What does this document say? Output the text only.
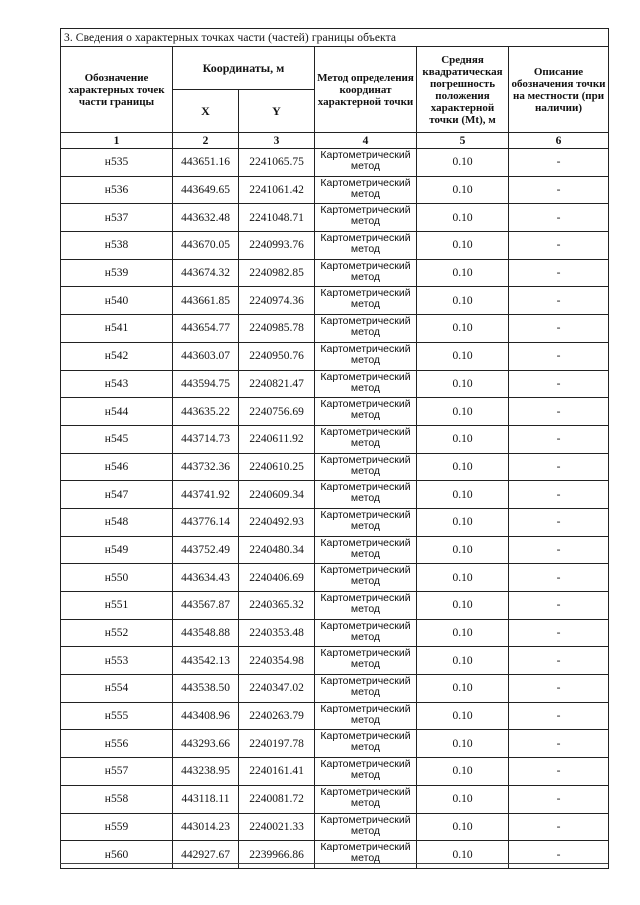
3. Сведения о характерных точках части (частей) границы объекта					
Обозначение характерных точек части границы	Координаты, м		Метод определения координат характерной точки	Средняя квадратическая погрешность положения характерной точки (Mt), м	Описание обозначения точки на местности (при наличии)
	X	Y			
1	2	3	4	5	6
н535	443651.16	2241065.75	Картометрический метод	0.10	-
н536	443649.65	2241061.42	Картометрический метод	0.10	-
н537	443632.48	2241048.71	Картометрический метод	0.10	-
н538	443670.05	2240993.76	Картометрический метод	0.10	-
н539	443674.32	2240982.85	Картометрический метод	0.10	-
н540	443661.85	2240974.36	Картометрический метод	0.10	-
н541	443654.77	2240985.78	Картометрический метод	0.10	-
н542	443603.07	2240950.76	Картометрический метод	0.10	-
н543	443594.75	2240821.47	Картометрический метод	0.10	-
н544	443635.22	2240756.69	Картометрический метод	0.10	-
н545	443714.73	2240611.92	Картометрический метод	0.10	-
н546	443732.36	2240610.25	Картометрический метод	0.10	-
н547	443741.92	2240609.34	Картометрический метод	0.10	-
н548	443776.14	2240492.93	Картометрический метод	0.10	-
н549	443752.49	2240480.34	Картометрический метод	0.10	-
н550	443634.43	2240406.69	Картометрический метод	0.10	-
н551	443567.87	2240365.32	Картометрический метод	0.10	-
н552	443548.88	2240353.48	Картометрический метод	0.10	-
н553	443542.13	2240354.98	Картометрический метод	0.10	-
н554	443538.50	2240347.02	Картометрический метод	0.10	-
н555	443408.96	2240263.79	Картометрический метод	0.10	-
н556	443293.66	2240197.78	Картометрический метод	0.10	-
н557	443238.95	2240161.41	Картометрический метод	0.10	-
н558	443118.11	2240081.72	Картометрический метод	0.10	-
н559	443014.23	2240021.33	Картометрический метод	0.10	-
н560	442927.67	2239966.86	Картометрический метод	0.10	-
